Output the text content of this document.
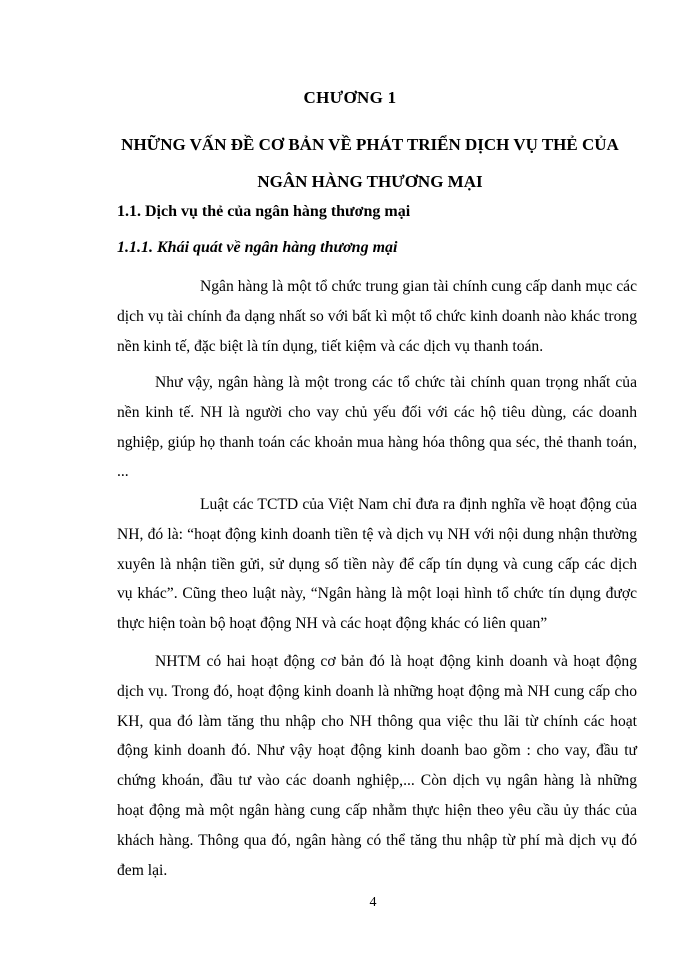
CHƯƠNG 1
NHỮNG VẤN ĐỀ CƠ BẢN VỀ PHÁT TRIỂN DỊCH VỤ THẺ CỦA NGÂN HÀNG THƯƠNG MẠI
1.1. Dịch vụ thẻ của ngân hàng thương mại
1.1.1. Khái quát về ngân hàng thương mại

Ngân hàng là một tổ chức trung gian tài chính cung cấp danh mục các dịch vụ tài chính đa dạng nhất so với bất kì một tổ chức kinh doanh nào khác trong nền kinh tế, đặc biệt là tín dụng, tiết kiệm và các dịch vụ thanh toán.

Như vậy, ngân hàng là một trong các tổ chức tài chính quan trọng nhất của nền kinh tế. NH là người cho vay chủ yếu đối với các hộ tiêu dùng, các doanh nghiệp, giúp họ thanh toán các khoản mua hàng hóa thông qua séc, thẻ thanh toán, ...

Luật các TCTD của Việt Nam chỉ đưa ra định nghĩa về hoạt động của NH, đó là: “hoạt động kinh doanh tiền tệ và dịch vụ NH với nội dung nhận thường xuyên là nhận tiền gửi, sử dụng số tiền này để cấp tín dụng và cung cấp các dịch vụ khác”. Cũng theo luật này, “Ngân hàng là một loại hình tổ chức tín dụng được thực hiện toàn bộ hoạt động NH và các hoạt động khác có liên quan”

NHTM có hai hoạt động cơ bản đó là hoạt động kinh doanh và hoạt động dịch vụ. Trong đó, hoạt động kinh doanh là những hoạt động mà NH cung cấp cho KH, qua đó làm tăng thu nhập cho NH thông qua việc thu lãi từ chính các hoạt động kinh doanh đó. Như vậy hoạt động kinh doanh bao gồm : cho vay, đầu tư chứng khoán, đầu tư vào các doanh nghiệp,... Còn dịch vụ ngân hàng là những hoạt động mà một ngân hàng cung cấp nhằm thực hiện theo yêu cầu ủy thác của khách hàng. Thông qua đó, ngân hàng có thể tăng thu nhập từ phí mà dịch vụ đó đem lại.

4
